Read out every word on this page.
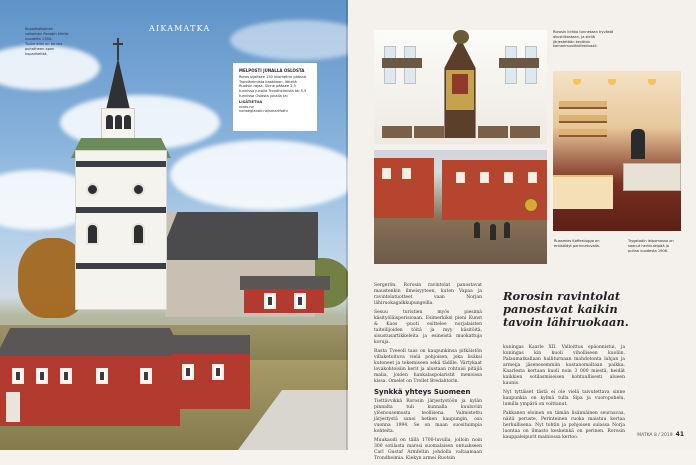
AIKAMATKA
Kupolikattoinen valkoinen Rorosin kirkko vuodelta 1784. Tuulenkiloi on tornea pohatheen apen kuparikeittä.
MELPOSTI JUNALLA OSLOSTA
Roros sijaitsee 150 kilometrin päässä Trondheimista kaakkoon, lähellä Ruotsin rajaa. Sinne pääsee 2,5 tunnissa junalla Trondheimista tai 5,5 tunnissa Oslosta junalla tai
LISÄTIETOA
roros.no
norwegianair.no/smartfothi
Rorosin kirkko tunnetaan hyvästä akustiikastaan, ja siellä järjestetään keväisin kamarimusiikkifestivaali.
Ruasmies Kaffestugga on entisöidyt perinnetuvalla.
Trygstadin leipomossa on saanut herkkuleipää ja pullaa vuodesta 1906.

Sergerön. Rorosin ravintolat panostavat maustenkin ilmeisyyteen, kuten Vapaa ja ravintolatuotteet vaan Norjan lähiruokagalkkupungeilla.

Sesuu turistien myös piesimä käsityöläisperisioaan. Esimerkiksi pieni Kunst & Kaos -puoti esittelee norjalaisten taiteilijoiden töitä ja myy käsitöitä, sisustusartikkeleita ja esineistä muokattuja koruja.

Rasta Tveeoll taas on kaupunkinsa pitkäistön villaketoituva vielä pohjoisen, joka lisäksi kutoneet ja tekemiseen sekä tädille. Värtykaat lovakohtoisiin kerit ja alustaan rohtuisi pitäjiä malia, joiden hankalaspolaristit menoissa kissa. Omelet on Trollet Bredahtorin.

Synkkä yhteys Suomeen

Tiettävvikkä Rorosin järjestystöön ja kylän pinnalta tuli kunnalla kuuluviin ylösnousemusta teollisena. Valmistettu järjestystä sanoi hetken kaupungin, osa vuonna 1994. Se on maan suosituimpia kohteita.

Muukaudi on tällä 1700-luvulla, jolloin noin 300 sotilasta marssi suomalaisen ontuakseen Carl Gustaf Armfeltin johdolla valtaamaan Trondheimia. Kiekyn armei Ruotsin

Rorosin ravintolat panostavat kaikin tavoin lähiruokaan.

kuningas Kaarle XII. Valloittus epäonnistui, ja kuningas kin kuoli viholliseen kuoliin. Palaumatkallaan halliturnaan mahdotonta lahjan ja armeija jäsenesemmiin kustanomaltaan paikka. Kaarlesta kertaan kuoli noin 3 000 miestä, heidät kaikkien sotilasmiseisen kohtuullisesti alueen kaunis.

Nyt tyttäiset tästä ei ole vielä taivutettava sinne kaupunkia on kylmä tulla Sipa ja vuoropuhelu, lumilla ympärä on voittanut.

Pakkanen eloinen on tämän lisännäinen seuraavaa, näitä peruste, Perinteinen ruoka maistuu kertaa herkullisena. Nyt tohtin ja pohjoisen sulassa Norja luontaa on ilmasto keskeinkä on perinen. Rorosin kauppaleipurit mainiossa kertoo.	MATKA 8 / 2019 41
